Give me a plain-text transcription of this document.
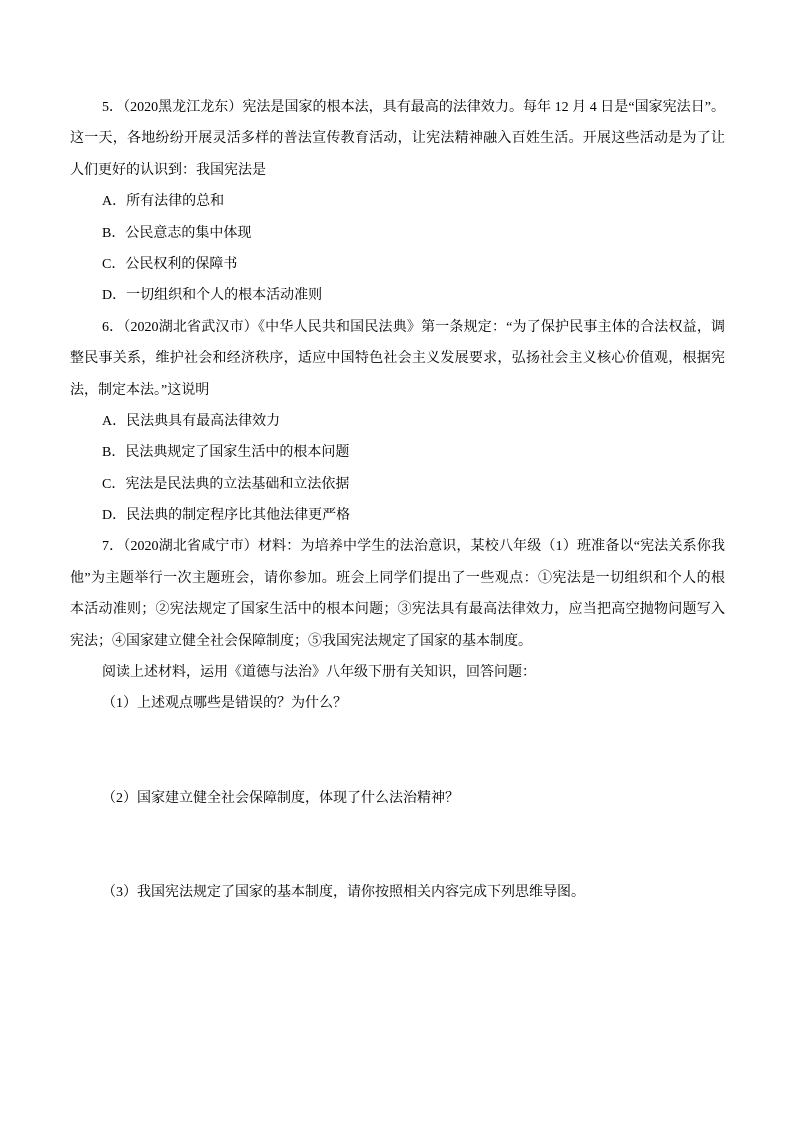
5．（2020黑龙江龙东）宪法是国家的根本法，具有最高的法律效力。每年 12 月 4 日是“国家宪法日”。
这一天，各地纷纷开展灵活多样的普法宣传教育活动，让宪法精神融入百姓生活。开展这些活动是为了让
人们更好的认识到：我国宪法是
A．所有法律的总和
B．公民意志的集中体现
C．公民权利的保障书
D．一切组织和个人的根本活动准则
6．（2020湖北省武汉市）《中华人民共和国民法典》第一条规定：“为了保护民事主体的合法权益，调
整民事关系，维护社会和经济秩序，适应中国特色社会主义发展要求，弘扬社会主义核心价值观，根据宪
法，制定本法。”这说明
A．民法典具有最高法律效力
B．民法典规定了国家生活中的根本问题
C．宪法是民法典的立法基础和立法依据
D．民法典的制定程序比其他法律更严格
7．（2020湖北省咸宁市）材料：为培养中学生的法治意识，某校八年级（1）班准备以“宪法关系你我
他”为主题举行一次主题班会，请你参加。班会上同学们提出了一些观点：①宪法是一切组织和个人的根
本活动准则；②宪法规定了国家生活中的根本问题；③宪法具有最高法律效力，应当把高空抛物问题写入
宪法；④国家建立健全社会保障制度；⑤我国宪法规定了国家的基本制度。
阅读上述材料，运用《道德与法治》八年级下册有关知识，回答问题：
（1）上述观点哪些是错误的？为什么？
（2）国家建立健全社会保障制度，体现了什么法治精神？
（3）我国宪法规定了国家的基本制度，请你按照相关内容完成下列思维导图。
